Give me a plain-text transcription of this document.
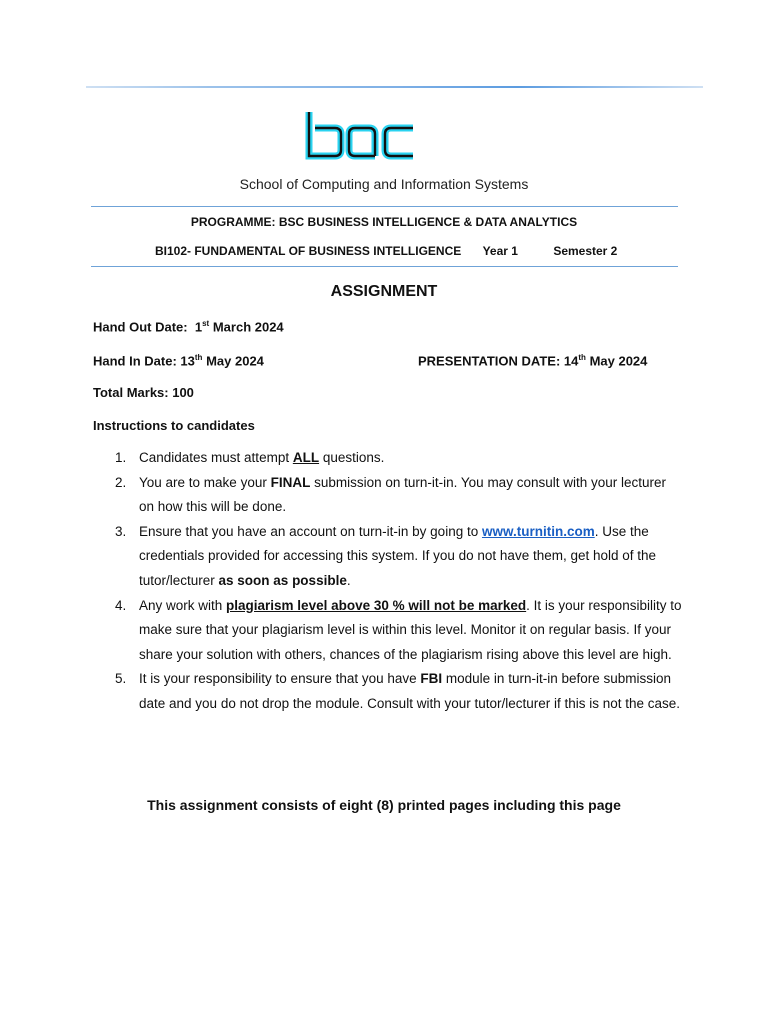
School of Computing and Information Systems
PROGRAMME: BSC BUSINESS INTELLIGENCE & DATA ANALYTICS
BI102- FUNDAMENTAL OF BUSINESS INTELLIGENCE Year 1	Semester 2
ASSIGNMENT
Hand Out Date: 1st March 2024
Hand In Date: 13th May 2024	PRESENTATION DATE: 14th May 2024
Total Marks: 100
Instructions to candidates
1. Candidates must attempt ALL questions.
2. You are to make your FINAL submission on turn-it-in. You may consult with your lecturer on how this will be done.
3. Ensure that you have an account on turn-it-in by going to www.turnitin.com. Use the credentials provided for accessing this system. If you do not have them, get hold of the tutor/lecturer as soon as possible.
4. Any work with plagiarism level above 30 % will not be marked. It is your responsibility to make sure that your plagiarism level is within this level. Monitor it on regular basis. If your share your solution with others, chances of the plagiarism rising above this level are high.
5. It is your responsibility to ensure that you have FBI module in turn-it-in before submission date and you do not drop the module. Consult with your tutor/lecturer if this is not the case.
This assignment consists of eight (8) printed pages including this page
